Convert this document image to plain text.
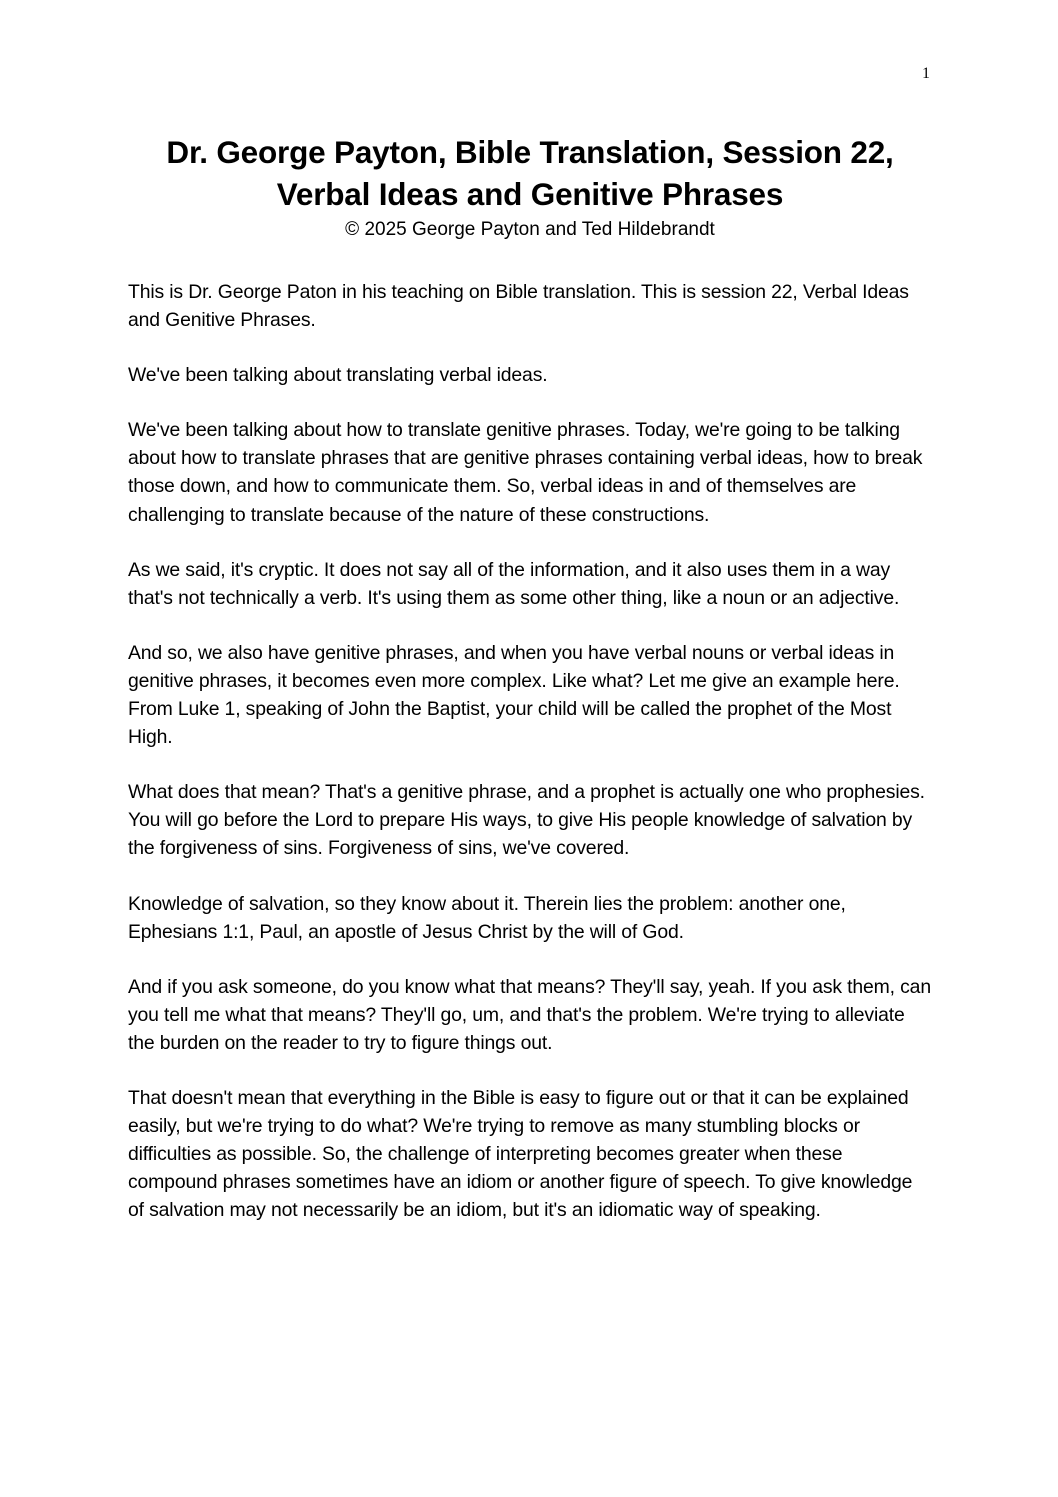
1
Dr. George Payton, Bible Translation, Session 22,
Verbal Ideas and Genitive Phrases
© 2025 George Payton and Ted Hildebrandt

This is Dr. George Paton in his teaching on Bible translation. This is session 22, Verbal Ideas and Genitive Phrases.

We've been talking about translating verbal ideas.

We've been talking about how to translate genitive phrases. Today, we're going to be talking about how to translate phrases that are genitive phrases containing verbal ideas, how to break those down, and how to communicate them. So, verbal ideas in and of themselves are challenging to translate because of the nature of these constructions.

As we said, it's cryptic. It does not say all of the information, and it also uses them in a way that's not technically a verb. It's using them as some other thing, like a noun or an adjective.

And so, we also have genitive phrases, and when you have verbal nouns or verbal ideas in genitive phrases, it becomes even more complex. Like what? Let me give an example here. From Luke 1, speaking of John the Baptist, your child will be called the prophet of the Most High.

What does that mean? That's a genitive phrase, and a prophet is actually one who prophesies. You will go before the Lord to prepare His ways, to give His people knowledge of salvation by the forgiveness of sins. Forgiveness of sins, we've covered.

Knowledge of salvation, so they know about it. Therein lies the problem: another one, Ephesians 1:1, Paul, an apostle of Jesus Christ by the will of God.

And if you ask someone, do you know what that means? They'll say, yeah. If you ask them, can you tell me what that means? They'll go, um, and that's the problem. We're trying to alleviate the burden on the reader to try to figure things out.

That doesn't mean that everything in the Bible is easy to figure out or that it can be explained easily, but we're trying to do what? We're trying to remove as many stumbling blocks or difficulties as possible. So, the challenge of interpreting becomes greater when these compound phrases sometimes have an idiom or another figure of speech. To give knowledge of salvation may not necessarily be an idiom, but it's an idiomatic way of speaking.
